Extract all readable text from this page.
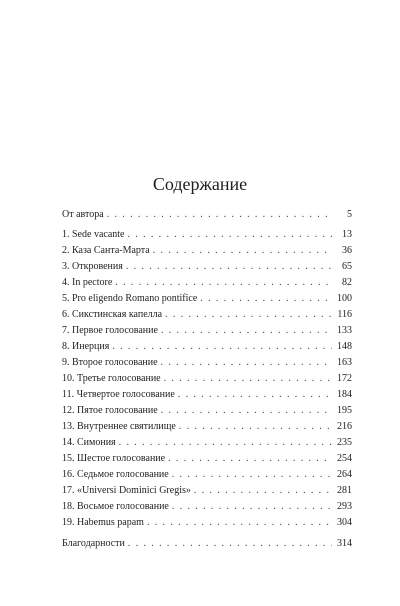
Содержание
От автора . . .	5
1. Sede vacante . . .	13
2. Каза Санта-Марта . . .	36
3. Откровения . . .	65
4. In pectore . . .	82
5. Pro eligendo Romano pontifice . . .	100
6. Сикстинская капелла . . .	116
7. Первое голосование . . .	133
8. Инерция . . .	148
9. Второе голосование . . .	163
10. Третье голосование . . .	172
11. Четвертое голосование . . .	184
12. Пятое голосование . . .	195
13. Внутреннее святилище . . .	216
14. Симония . . .	235
15. Шестое голосование . . .	254
16. Седьмое голосование . . .	264
17. «Universi Dominici Gregis» . . .	281
18. Восьмое голосование . . .	293
19. Habemus papam . . .	304
Благодарности . . .	314
